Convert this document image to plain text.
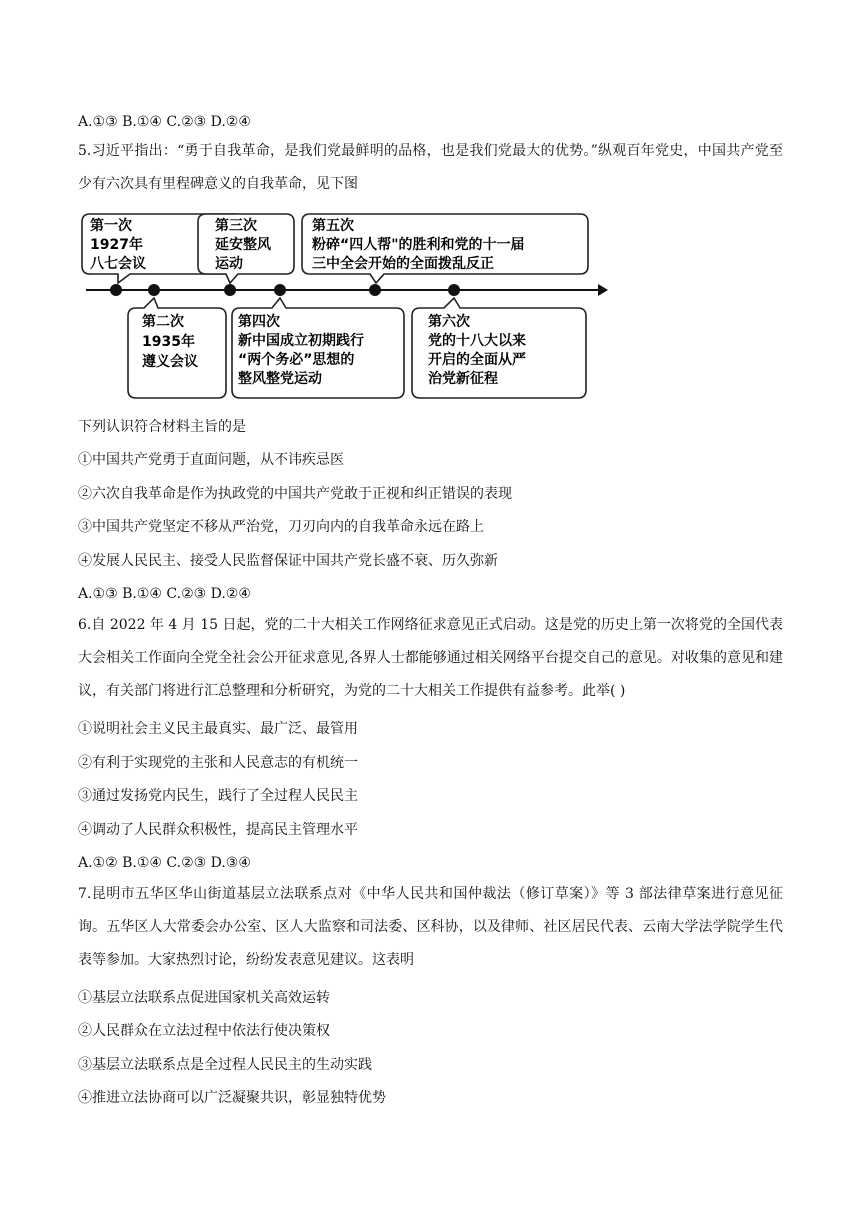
A.①③ B.①④ C.②③ D.②④
5.习近平指出：“勇于自我革命，是我们党最鲜明的品格，也是我们党最大的优势。”纵观百年党史，中国共产党至少有六次具有里程碑意义的自我革命，见下图
第一次
1927年
八七会议
第三次
延安整风
运动
第五次
粉碎“四人帮"的胜利和党的十一届
三中全会开始的全面拨乱反正
第二次
1935年
遵义会议
第四次
新中国成立初期践行
“两个务必”思想的
整风整党运动
第六次
党的十八大以来
开启的全面从严
治党新征程
下列认识符合材料主旨的是
①中国共产党勇于直面问题，从不讳疾忌医
②六次自我革命是作为执政党的中国共产党敢于正视和纠正错误的表现
③中国共产党坚定不移从严治党，刀刃向内的自我革命永远在路上
④发展人民民主、接受人民监督保证中国共产党长盛不衰、历久弥新
A.①③ B.①④ C.②③ D.②④
6.自 2022 年 4 月 15 日起，党的二十大相关工作网络征求意见正式启动。这是党的历史上第一次将党的全国代表大会相关工作面向全党全社会公开征求意见,各界人士都能够通过相关网络平台提交自己的意见。对收集的意见和建议，有关部门将进行汇总整理和分析研究，为党的二十大相关工作提供有益参考。此举( )
①说明社会主义民主最真实、最广泛、最管用
②有利于实现党的主张和人民意志的有机统一
③通过发扬党内民生，践行了全过程人民民主
④调动了人民群众积极性，提高民主管理水平
A.①② B.①④ C.②③ D.③④
7.昆明市五华区华山街道基层立法联系点对《中华人民共和国仲裁法（修订草案）》等 3 部法律草案进行意见征询。五华区人大常委会办公室、区人大监察和司法委、区科协，以及律师、社区居民代表、云南大学法学院学生代表等参加。大家热烈讨论，纷纷发表意见建议。这表明
①基层立法联系点促进国家机关高效运转
②人民群众在立法过程中依法行使决策权
③基层立法联系点是全过程人民民主的生动实践
④推进立法协商可以广泛凝聚共识，彰显独特优势
